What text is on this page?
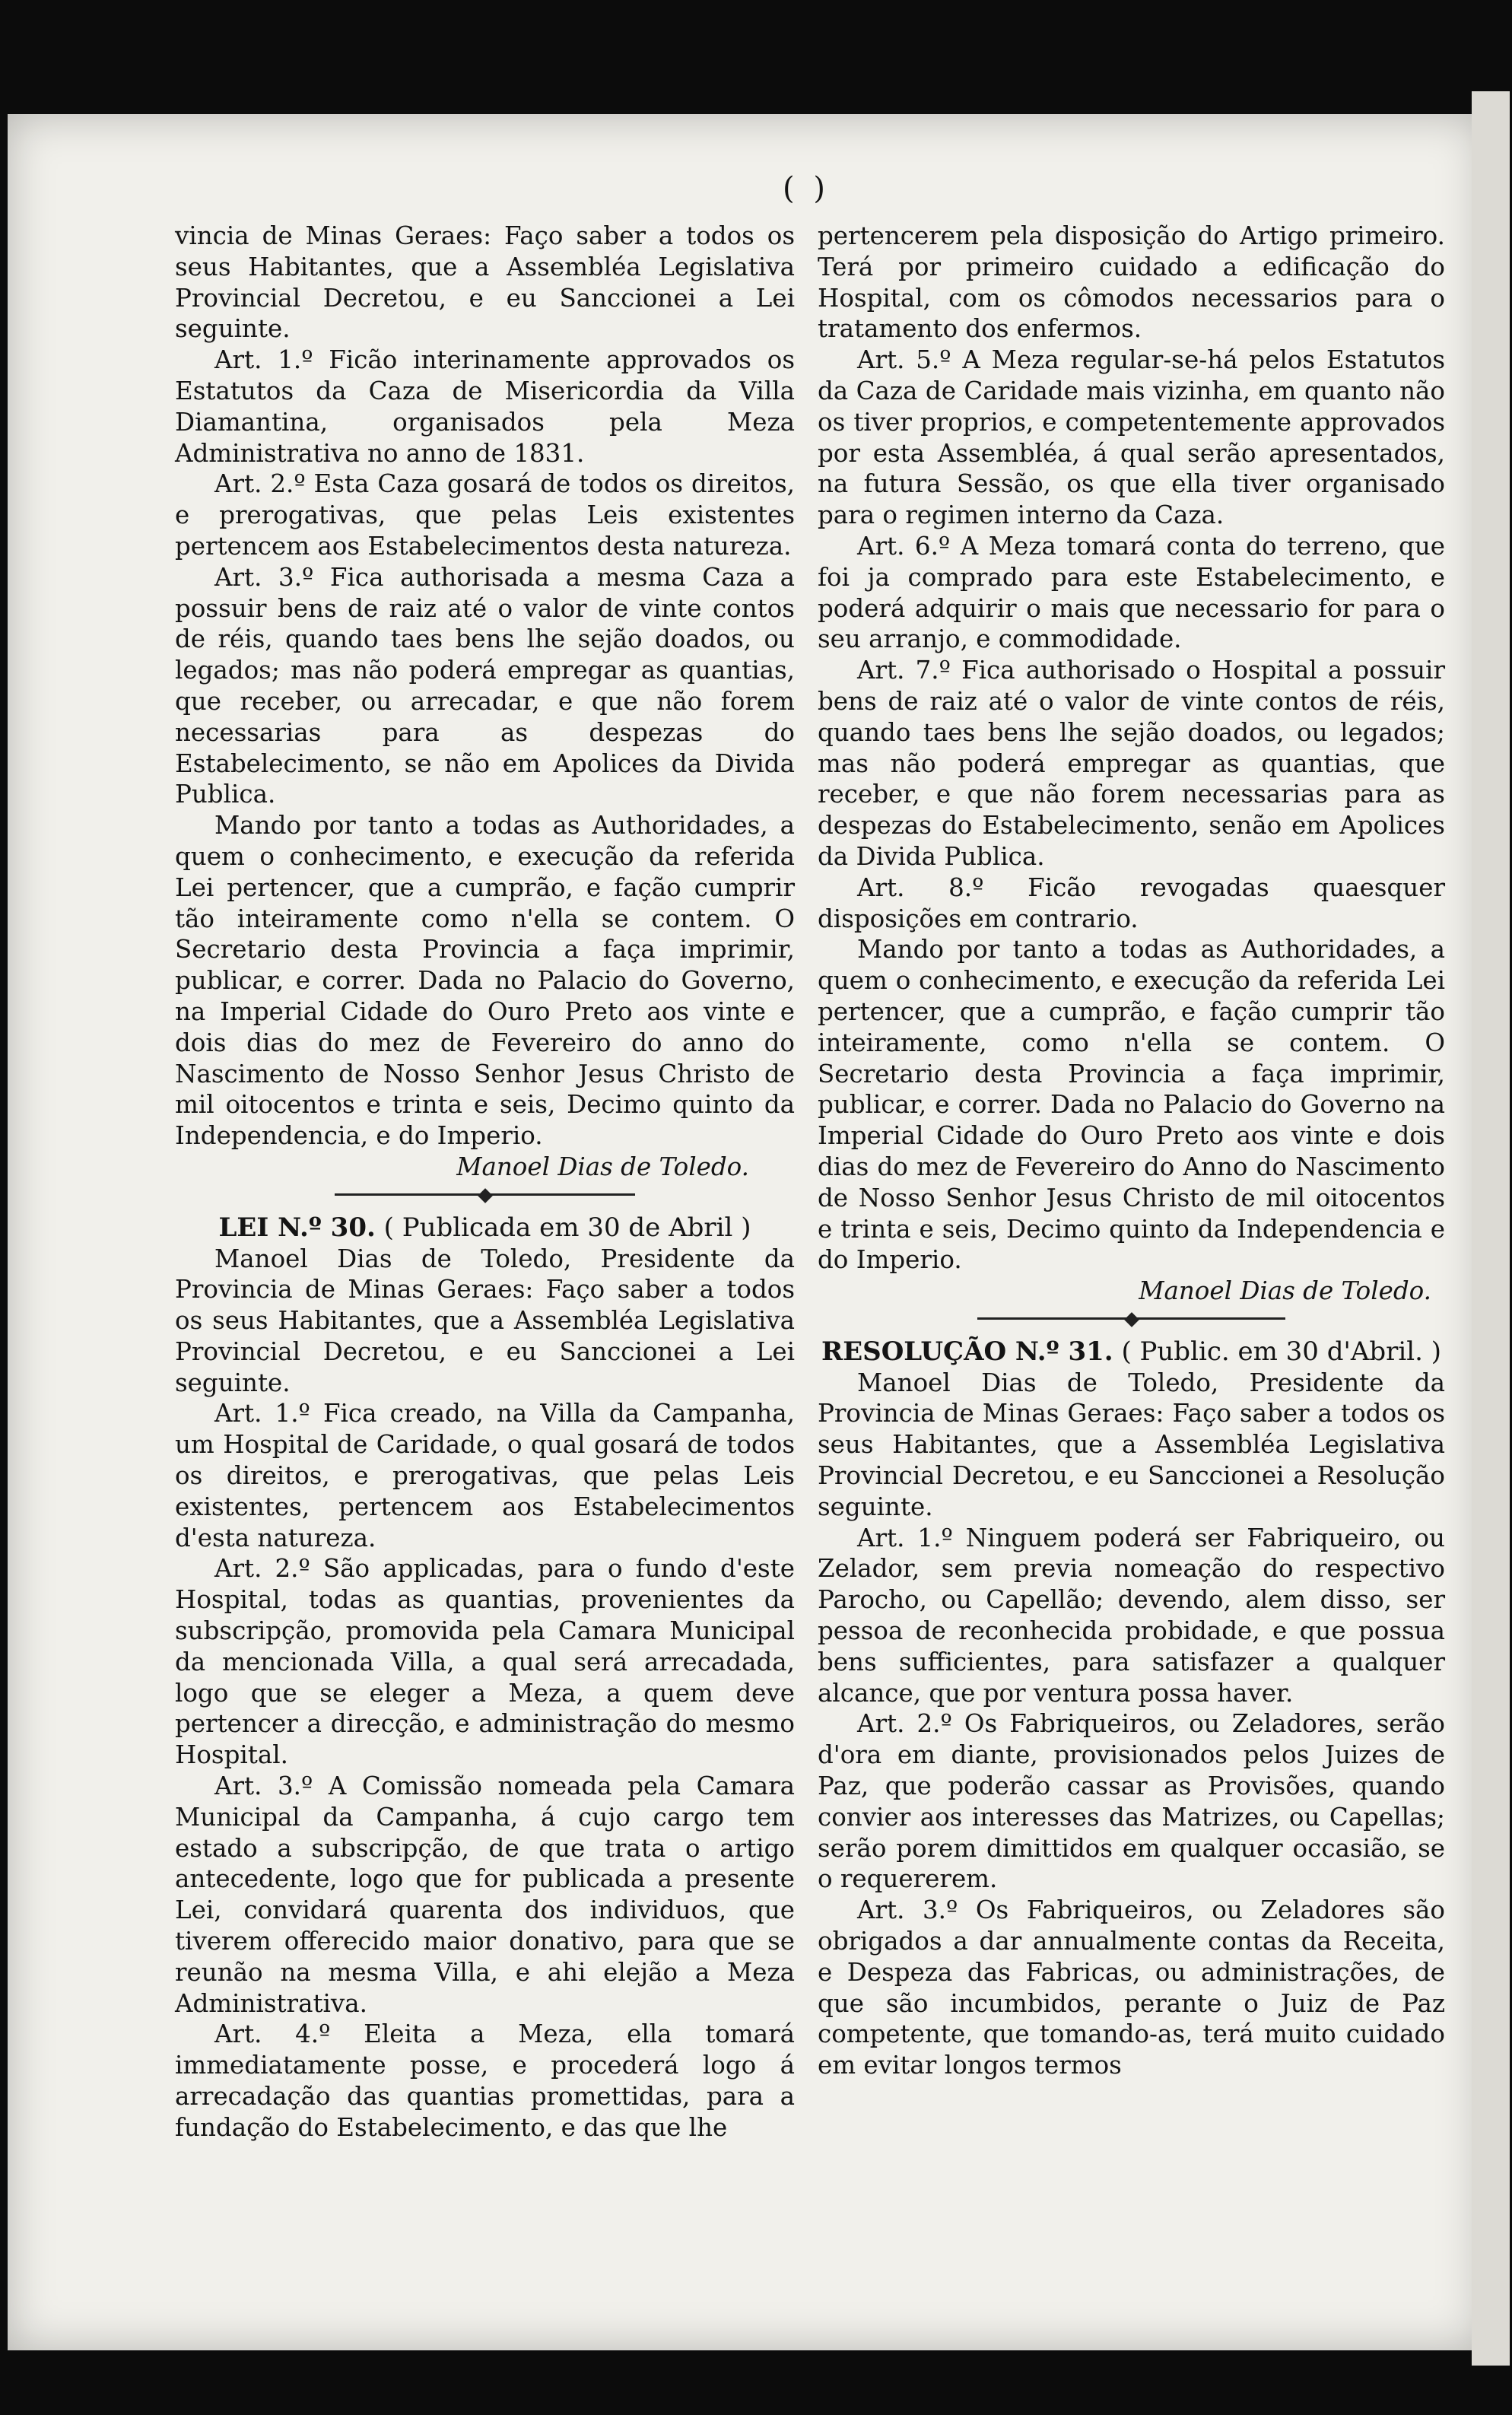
( )

vincia de Minas Geraes: Faço saber a todos os seus Habitantes, que a Assembléa Legislativa Provincial Decretou, e eu Sanccionei a Lei seguinte.

Art. 1.º Ficão interinamente approvados os Estatutos da Caza de Misericordia da Villa Diamantina, organisados pela Meza Administrativa no anno de 1831.

Art. 2.º Esta Caza gosará de todos os direitos, e prerogativas, que pelas Leis existentes pertencem aos Estabelecimentos desta natureza.

Art. 3.º Fica authorisada a mesma Caza a possuir bens de raiz até o valor de vinte contos de réis, quando taes bens lhe sejão doados, ou legados; mas não poderá empregar as quantias, que receber, ou arrecadar, e que não forem necessarias para as despezas do Estabelecimento, se não em Apolices da Divida Publica.

Mando por tanto a todas as Authoridades, a quem o conhecimento, e execução da referida Lei pertencer, que a cumprão, e fação cumprir tão inteiramente como n'ella se contem. O Secretario desta Provincia a faça imprimir, publicar, e correr. Dada no Palacio do Governo, na Imperial Cidade do Ouro Preto aos vinte e dois dias do mez de Fevereiro do anno do Nascimento de Nosso Senhor Jesus Christo de mil oitocentos e trinta e seis, Decimo quinto da Independencia, e do Imperio.

Manoel Dias de Toledo.

LEI N.º 30. ( Publicada em 30 de Abril )

Manoel Dias de Toledo, Presidente da Provincia de Minas Geraes: Faço saber a todos os seus Habitantes, que a Assembléa Legislativa Provincial Decretou, e eu Sanccionei a Lei seguinte.

Art. 1.º Fica creado, na Villa da Campanha, um Hospital de Caridade, o qual gosará de todos os direitos, e prerogativas, que pelas Leis existentes, pertencem aos Estabelecimentos d'esta natureza.

Art. 2.º São applicadas, para o fundo d'este Hospital, todas as quantias, provenientes da subscripção, promovida pela Camara Municipal da mencionada Villa, a qual será arrecadada, logo que se eleger a Meza, a quem deve pertencer a direcção, e administração do mesmo Hospital.

Art. 3.º A Comissão nomeada pela Camara Municipal da Campanha, á cujo cargo tem estado a subscripção, de que trata o artigo antecedente, logo que for publicada a presente Lei, convidará quarenta dos individuos, que tiverem offerecido maior donativo, para que se reunão na mesma Villa, e ahi elejão a Meza Administrativa.

Art. 4.º Eleita a Meza, ella tomará immediatamente posse, e procederá logo á arrecadação das quantias promettidas, para a fundação do Estabelecimento, e das que lhe

pertencerem pela disposição do Artigo primeiro. Terá por primeiro cuidado a edificação do Hospital, com os cômodos necessarios para o tratamento dos enfermos.

Art. 5.º A Meza regular-se-há pelos Estatutos da Caza de Caridade mais vizinha, em quanto não os tiver proprios, e competentemente approvados por esta Assembléa, á qual serão apresentados, na futura Sessão, os que ella tiver organisado para o regimen interno da Caza.

Art. 6.º A Meza tomará conta do terreno, que foi ja comprado para este Estabelecimento, e poderá adquirir o mais que necessario for para o seu arranjo, e commodidade.

Art. 7.º Fica authorisado o Hospital a possuir bens de raiz até o valor de vinte contos de réis, quando taes bens lhe sejão doados, ou legados; mas não poderá empregar as quantias, que receber, e que não forem necessarias para as despezas do Estabelecimento, senão em Apolices da Divida Publica.

Art. 8.º Ficão revogadas quaesquer disposições em contrario.

Mando por tanto a todas as Authoridades, a quem o conhecimento, e execução da referida Lei pertencer, que a cumprão, e fação cumprir tão inteiramente, como n'ella se contem. O Secretario desta Provincia a faça imprimir, publicar, e correr. Dada no Palacio do Governo na Imperial Cidade do Ouro Preto aos vinte e dois dias do mez de Fevereiro do Anno do Nascimento de Nosso Senhor Jesus Christo de mil oitocentos e trinta e seis, Decimo quinto da Independencia e do Imperio.

Manoel Dias de Toledo.

RESOLUÇÃO N.º 31. ( Public. em 30 d'Abril. )

Manoel Dias de Toledo, Presidente da Provincia de Minas Geraes: Faço saber a todos os seus Habitantes, que a Assembléa Legislativa Provincial Decretou, e eu Sanccionei a Resolução seguinte.

Art. 1.º Ninguem poderá ser Fabriqueiro, ou Zelador, sem previa nomeação do respectivo Parocho, ou Capellão; devendo, alem disso, ser pessoa de reconhecida probidade, e que possua bens sufficientes, para satisfazer a qualquer alcance, que por ventura possa haver.

Art. 2.º Os Fabriqueiros, ou Zeladores, serão d'ora em diante, provisionados pelos Juizes de Paz, que poderão cassar as Provisões, quando convier aos interesses das Matrizes, ou Capellas; serão porem dimittidos em qualquer occasião, se o requererem.

Art. 3.º Os Fabriqueiros, ou Zeladores são obrigados a dar annualmente contas da Receita, e Despeza das Fabricas, ou administrações, de que são incumbidos, perante o Juiz de Paz competente, que tomando-as, terá muito cuidado em evitar longos termos
